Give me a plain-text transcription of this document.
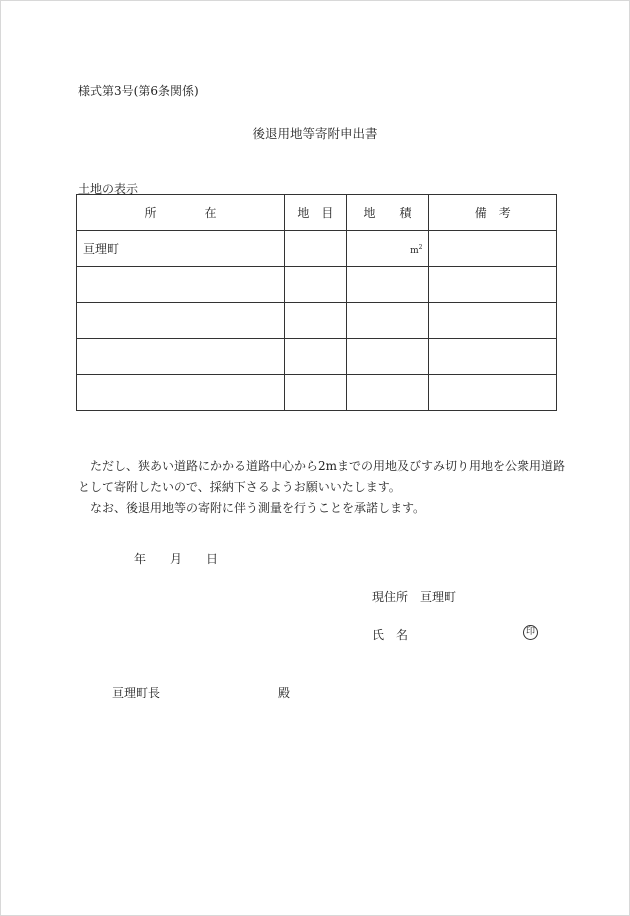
様式第3号(第6条関係)
後退用地等寄附申出書
土地の表示
所　　　　在	地　目	地　　積	備　考
亘理町		$m^2$	

ただし、狭あい道路にかかる道路中心から2mまでの用地及びすみ切り用地を公衆用道路として寄附したいので、採納下さるようお願いいたします。

なお、後退用地等の寄附に伴う測量を行うことを承諾します。

年 月 日
現住所　 亘理町
氏　名	印
亘理町長	殿
